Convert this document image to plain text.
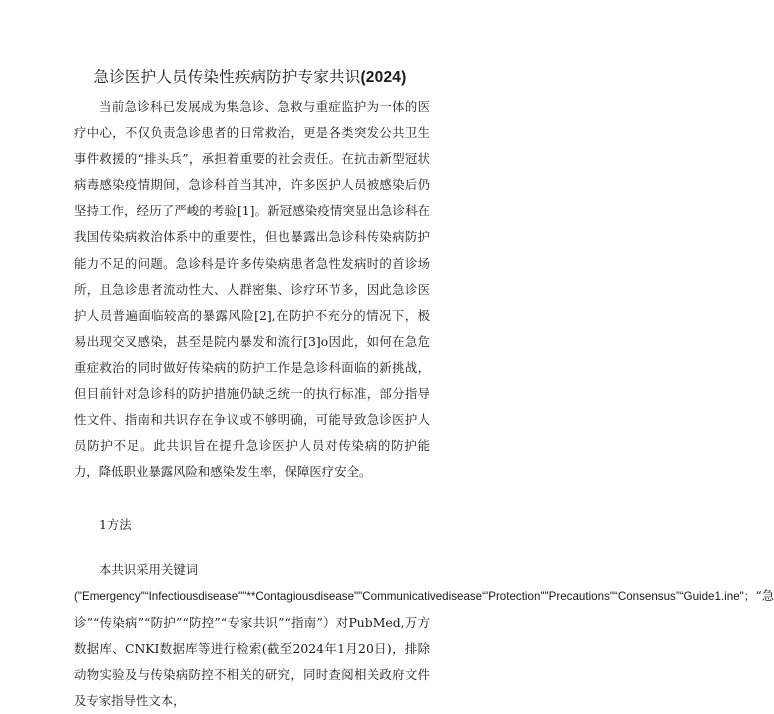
急诊医护人员传染性疾病防护专家共识(2024)

当前急诊科已发展成为集急诊、急救与重症监护为一体的医疗中心，不仅负责急诊患者的日常救治，更是各类突发公共卫生事件救援的“排头兵”，承担着重要的社会责任。在抗击新型冠状病毒感染疫情期间，急诊科首当其冲，许多医护人员被感染后仍坚持工作，经历了严峻的考验[1]。新冠感染疫情突显出急诊科在我国传染病救治体系中的重要性，但也暴露出急诊科传染病防护能力不足的问题。急诊科是许多传染病患者急性发病时的首诊场所，且急诊患者流动性大、人群密集、诊疗环节多，因此急诊医护人员普遍面临较高的暴露风险[2],在防护不充分的情况下，极易出现交叉感染，甚至是院内暴发和流行[3]o因此，如何在急危重症救治的同时做好传染病的防护工作是急诊科面临的新挑战，但目前针对急诊科的防护措施仍缺乏统一的执行标准，部分指导性文件、指南和共识存在争议或不够明确，可能导致急诊医护人员防护不足。此共识旨在提升急诊医护人员对传染病的防护能力，降低职业暴露风险和感染发生率，保障医疗安全。

1方法

本共识采用关键词

("Emergency"“Infectiousdisease""**Contagiousdisease""Communicativedisease“'Protection""Precautions"“Consensus”“Guide1.ine"；“急诊”“传染病”“防护”“防控”“专家共识”“指南”）对PubMed,万方数据库、CNKI数据库等进行检索(截至2024年1月20日)，排除动物实验及与传染病防控不相关的研究，同时查阅相关政府文件及专家指导性文本，
